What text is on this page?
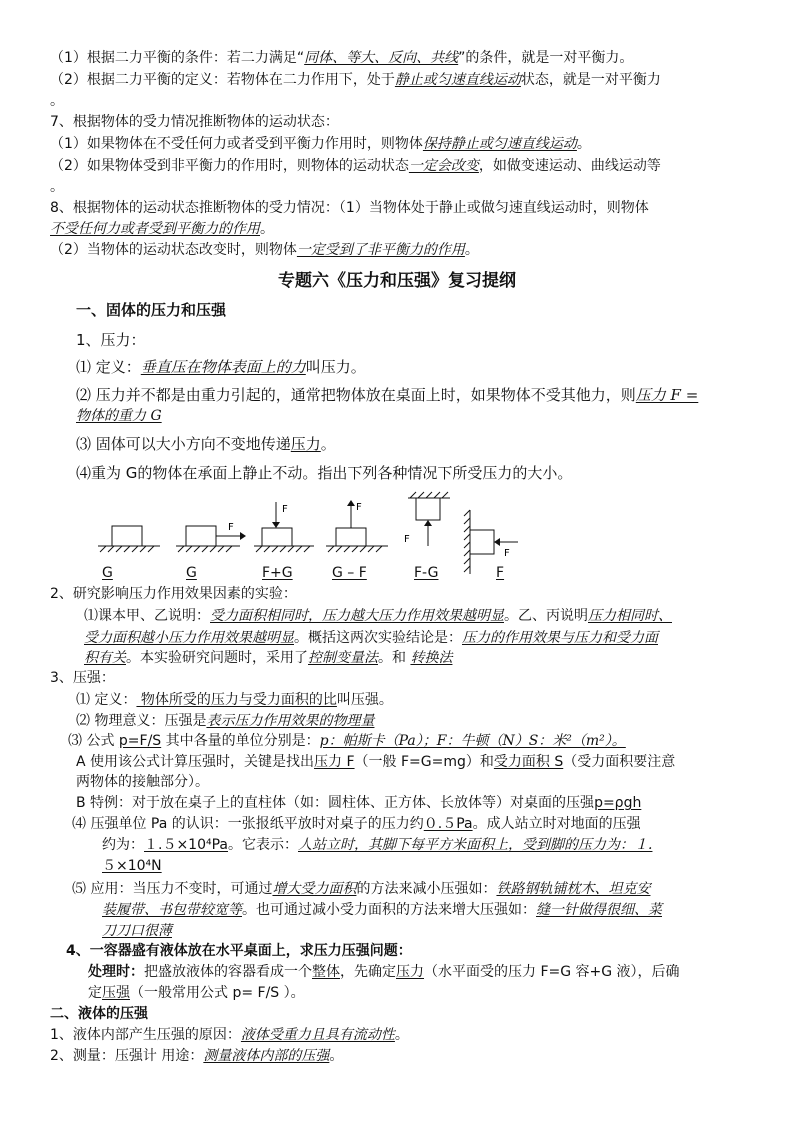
（1）根据二力平衡的条件：若二力满足“同体、等大、反向、共线”的条件，就是一对平衡力。
（2）根据二力平衡的定义：若物体在二力作用下，处于静止或匀速直线运动状态，就是一对平衡力
。
7、根据物体的受力情况推断物体的运动状态：
（1）如果物体在不受任何力或者受到平衡力作用时，则物体保持静止或匀速直线运动。
（2）如果物体受到非平衡力的作用时，则物体的运动状态一定会改变，如做变速运动、曲线运动等
。
8、根据物体的运动状态推断物体的受力情况：（1）当物体处于静止或做匀速直线运动时，则物体
不受任何力或者受到平衡力的作用。
（2）当物体的运动状态改变时，则物体一定受到了非平衡力的作用。
专题六《压力和压强》复习提纲
一、固体的压力和压强
1、压力：
⑴ 定义：垂直压在物体表面上的力叫压力。
⑵ 压力并不都是由重力引起的，通常把物体放在桌面上时，如果物体不受其他力，则压力 F =
物体的重力 G
⑶ 固体可以大小方向不变地传递压力。
⑷重为 G的物体在承面上静止不动。指出下列各种情况下所受压力的大小。
F
F	F
F
F
G	G	F+G	G – F	F-G	F
2、研究影响压力作用效果因素的实验：
⑴课本甲、乙说明：受力面积相同时，压力越大压力作用效果越明显。乙、丙说明压力相同时、
受力面积越小压力作用效果越明显。概括这两次实验结论是：压力的作用效果与压力和受力面
积有关。本实验研究问题时，采用了控制变量法。和 转换法
3、压强：
⑴ 定义： 物体所受的压力与受力面积的比叫压强。
⑵ 物理意义：压强是表示压力作用效果的物理量
⑶ 公式 p=F/S 其中各量的单位分别是：p：帕斯卡（Pa）；F：牛顿（N）S：米²（m²）。
A 使用该公式计算压强时，关键是找出压力 F（一般 F=G=mg）和受力面积 S（受力面积要注意
两物体的接触部分）。
B 特例：对于放在桌子上的直柱体（如：圆柱体、正方体、长放体等）对桌面的压强p=ρgh
⑷ 压强单位 Pa 的认识：一张报纸平放时对桌子的压力约０.５Pa。成人站立时对地面的压强
约为：１.５×10⁴Pa。它表示：人站立时，其脚下每平方米面积上，受到脚的压力为：１.
５×10⁴N
⑸ 应用：当压力不变时，可通过增大受力面积的方法来减小压强如：铁路钢轨铺枕木、坦克安
装履带、书包带较宽等。也可通过减小受力面积的方法来增大压强如：缝一针做得很细、菜
刀刀口很薄
4、一容器盛有液体放在水平桌面上，求压力压强问题：
处理时：把盛放液体的容器看成一个整体，先确定压力（水平面受的压力 F=G 容+G 液），后确
定压强（一般常用公式 p= F/S ）。
二、液体的压强
1、液体内部产生压强的原因：液体受重力且具有流动性。
2、测量：压强计 用途：测量液体内部的压强。
